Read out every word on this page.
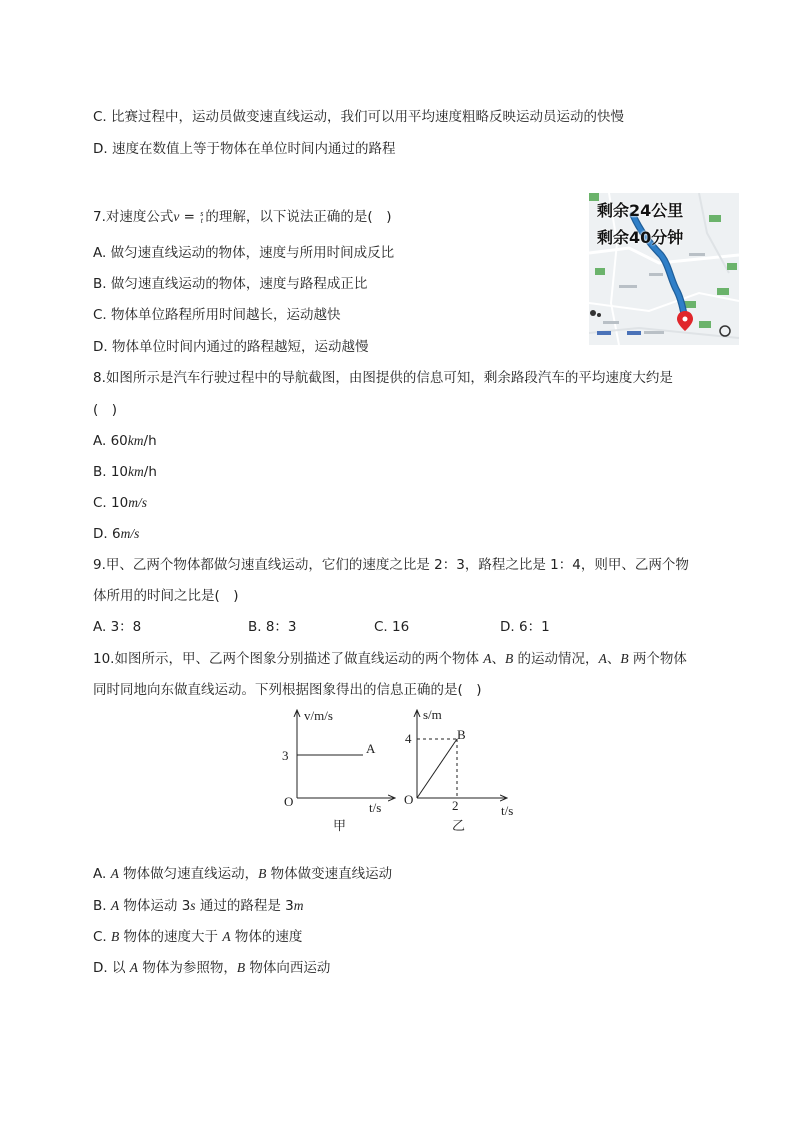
C. 比赛过程中，运动员做变速直线运动，我们可以用平均速度粗略反映运动员运动的快慢
D. 速度在数值上等于物体在单位时间内通过的路程
7.对速度公式v = s
t 的理解，以下说法正确的是(　)
A. 做匀速直线运动的物体，速度与所用时间成反比
B. 做匀速直线运动的物体，速度与路程成正比
C. 物体单位路程所用时间越长，运动越快
D. 物体单位时间内通过的路程越短，运动越慢
剩余24公里
剩余40分钟
8.如图所示是汽车行驶过程中的导航截图，由图提供的信息可知，剩余路段汽车的平均速度大约是
(　)
A. 60km/h
B. 10km/h
C. 10m/s
D. 6m/s
9.甲、乙两个物体都做匀速直线运动，它们的速度之比是 2：3，路程之比是 1：4，则甲、乙两个物
体所用的时间之比是(　)
A. 3：8	B. 8：3	C. 16	D. 6：1
10.如图所示，甲、乙两个图象分别描述了做直线运动的两个物体 A、B 的运动情况，A、B 两个物体
同时同地向东做直线运动。下列根据图象得出的信息正确的是(　)
v/m/s
3	A
O	t/s
甲
s/m
4	B
O	2	t/s
乙
A. A 物体做匀速直线运动，B 物体做变速直线运动
B. A 物体运动 3s 通过的路程是 3m
C. B 物体的速度大于 A 物体的速度
D. 以 A 物体为参照物，B 物体向西运动
